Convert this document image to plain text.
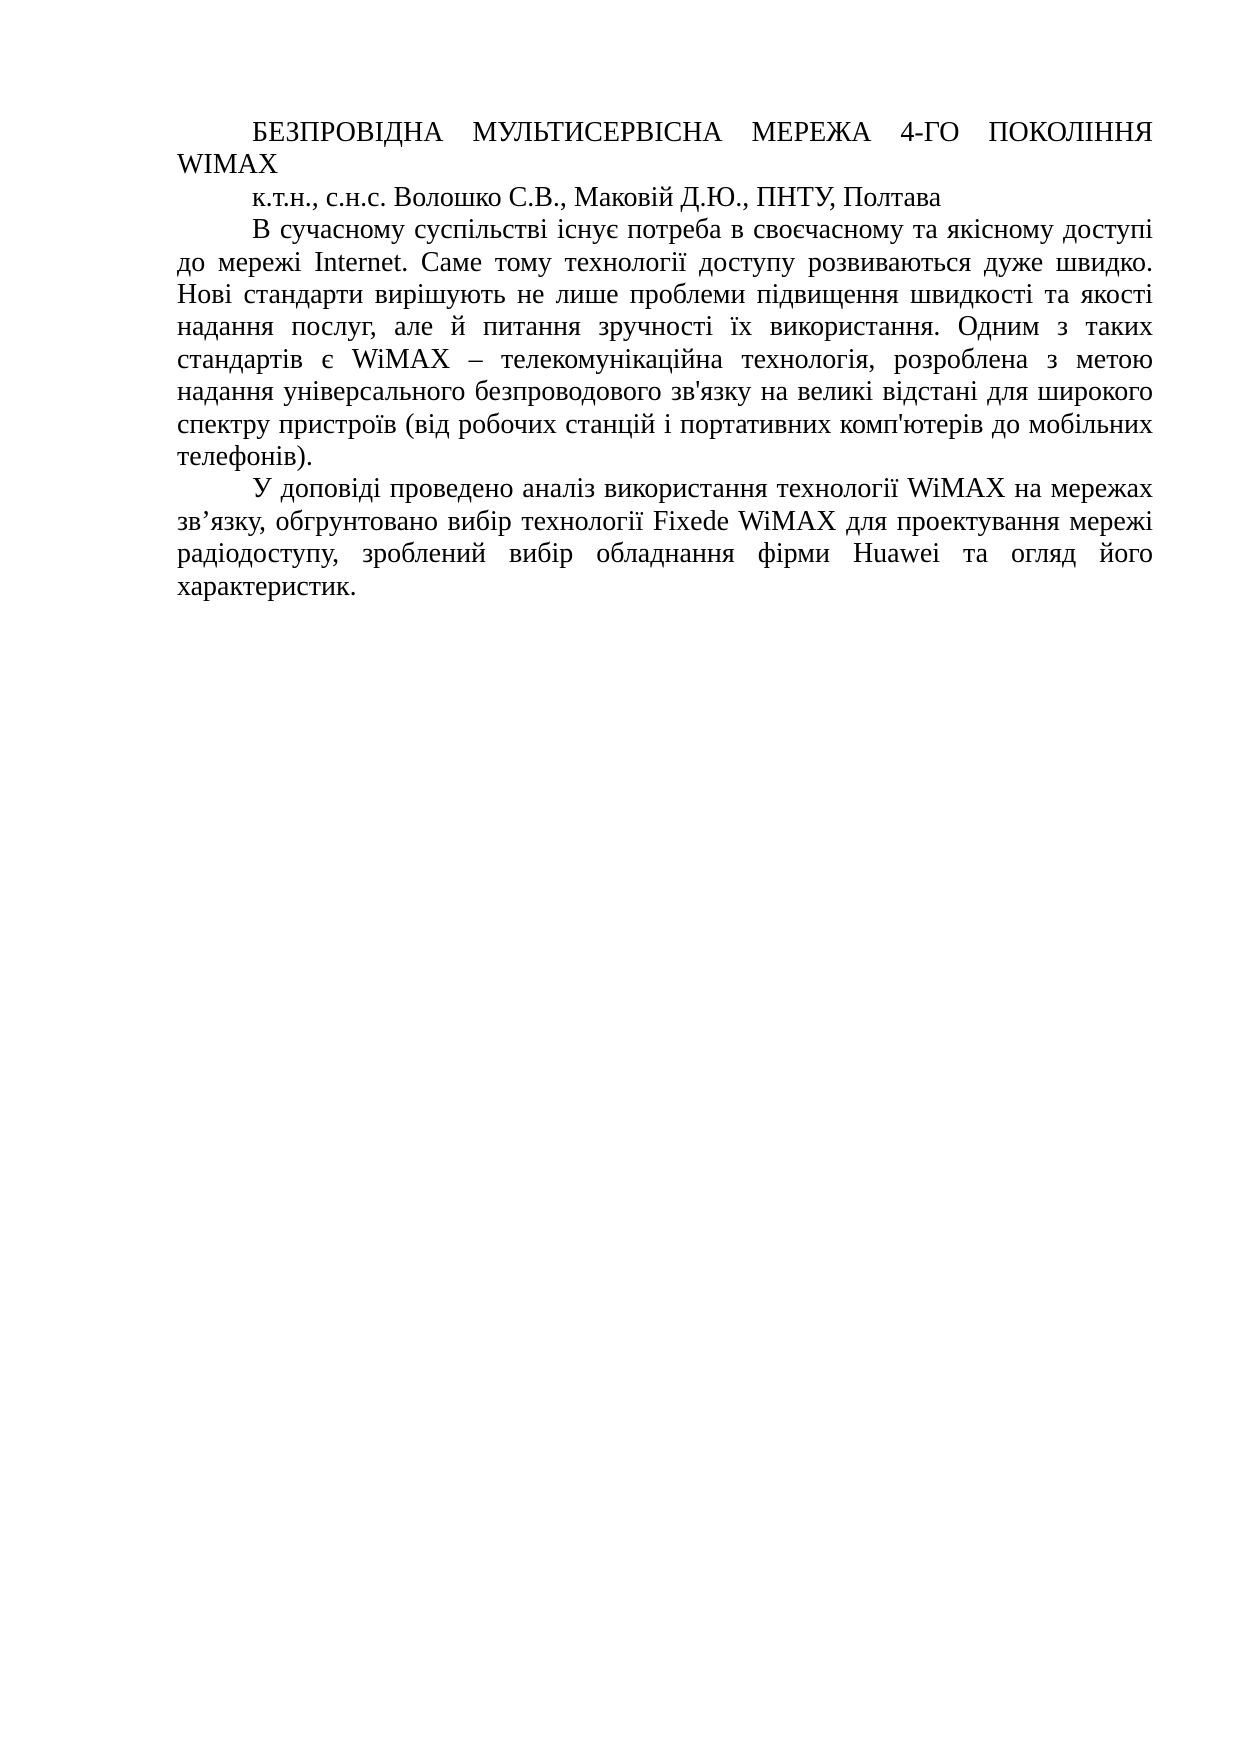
БЕЗПРОВІДНА МУЛЬТИСЕРВІСНА МЕРЕЖА 4-ГО ПОКОЛІННЯ WIMAX

к.т.н., с.н.с. Волошко С.В., Маковій Д.Ю., ПНТУ, Полтава

В сучасному суспільстві існує потреба в своєчасному та якісному доступі до мережі Internet. Саме тому технології доступу розвиваються дуже швидко. Нові стандарти вирішують не лише проблеми підвищення швидкості та якості надання послуг, але й питання зручності їх використання. Одним з таких стандартів є WiMAX – телекомунікаційна технологія, розроблена з метою надання універсального безпроводового зв'язку на великі відстані для широкого спектру пристроїв (від робочих станцій і портативних комп'ютерів до мобільних телефонів).

У доповіді проведено аналіз використання технології WiMAX на мережах зв’язку, обгрунтовано вибір технології Fixede WiMAX для проектування мережі радіодоступу, зроблений вибір обладнання фірми Huawei та огляд його характеристик.
